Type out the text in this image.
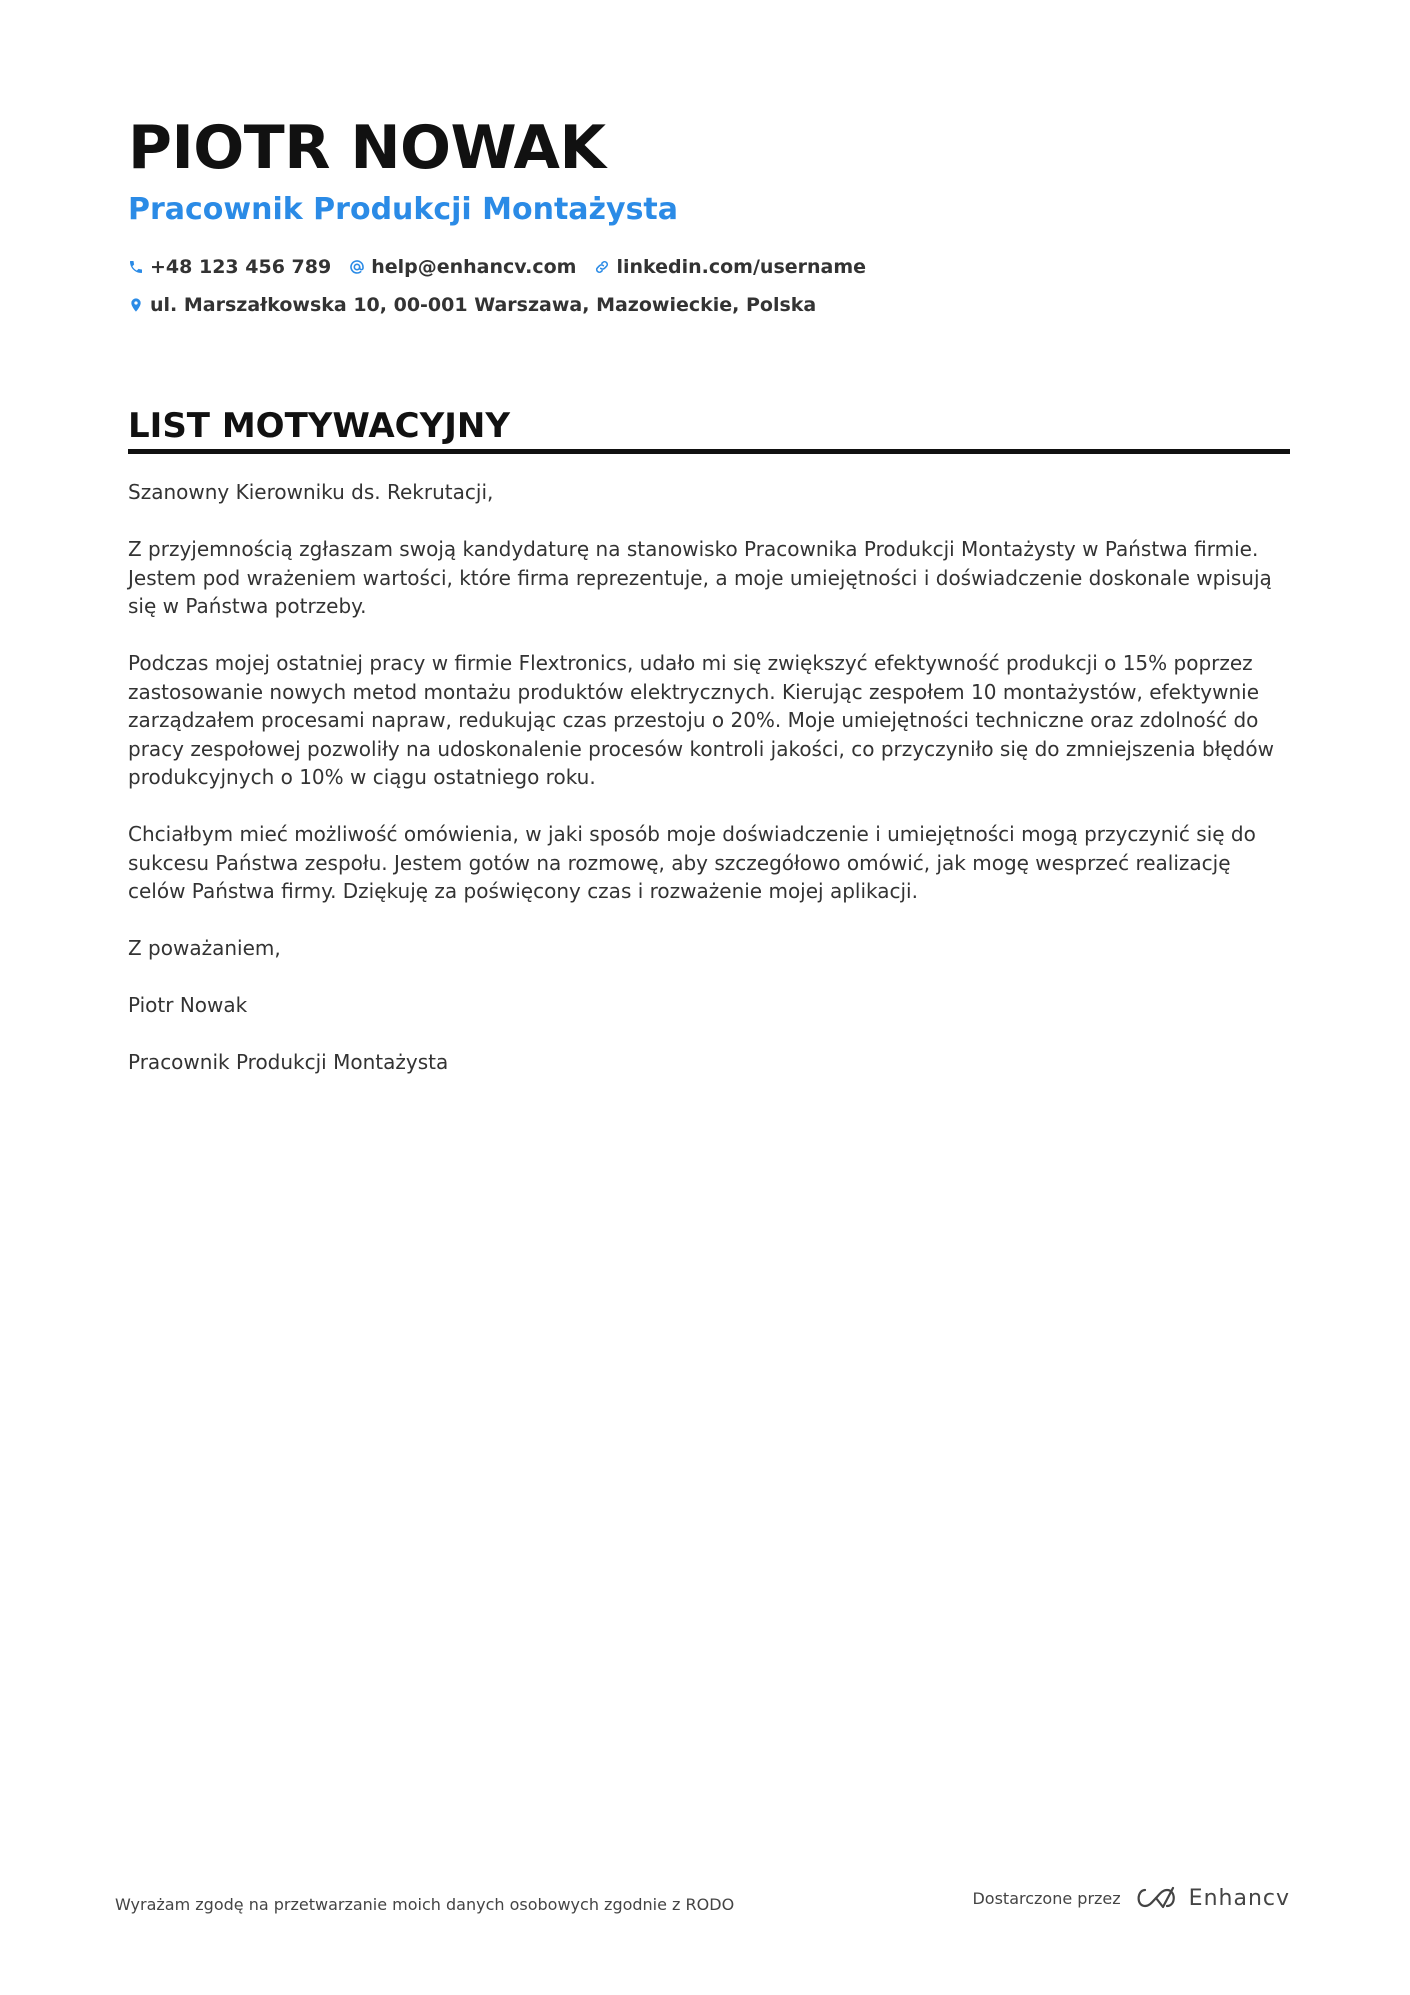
PIOTR NOWAK
Pracownik Produkcji Montażysta
+48 123 456 789 help@enhancv.com linkedin.com/username
ul. Marszałkowska 10, 00-001 Warszawa, Mazowieckie, Polska
LIST MOTYWACYJNY

Szanowny Kierowniku ds. Rekrutacji,

Z przyjemnością zgłaszam swoją kandydaturę na stanowisko Pracownika Produkcji Montażysty w Państwa firmie. Jestem pod wrażeniem wartości, które firma reprezentuje, a moje umiejętności i doświadczenie doskonale wpisują się w Państwa potrzeby.

Podczas mojej ostatniej pracy w firmie Flextronics, udało mi się zwiększyć efektywność produkcji o 15% poprzez zastosowanie nowych metod montażu produktów elektrycznych. Kierując zespołem 10 montażystów, efektywnie zarządzałem procesami napraw, redukując czas przestoju o 20%. Moje umiejętności techniczne oraz zdolność do pracy zespołowej pozwoliły na udoskonalenie procesów kontroli jakości, co przyczyniło się do zmniejszenia błędów produkcyjnych o 10% w ciągu ostatniego roku.

Chciałbym mieć możliwość omówienia, w jaki sposób moje doświadczenie i umiejętności mogą przyczynić się do sukcesu Państwa zespołu. Jestem gotów na rozmowę, aby szczegółowo omówić, jak mogę wesprzeć realizację celów Państwa firmy. Dziękuję za poświęcony czas i rozważenie mojej aplikacji.

Z poważaniem,

Piotr Nowak

Pracownik Produkcji Montażysta

Wyrażam zgodę na przetwarzanie moich danych osobowych zgodnie z RODO	Dostarczone przez	Enhancv
